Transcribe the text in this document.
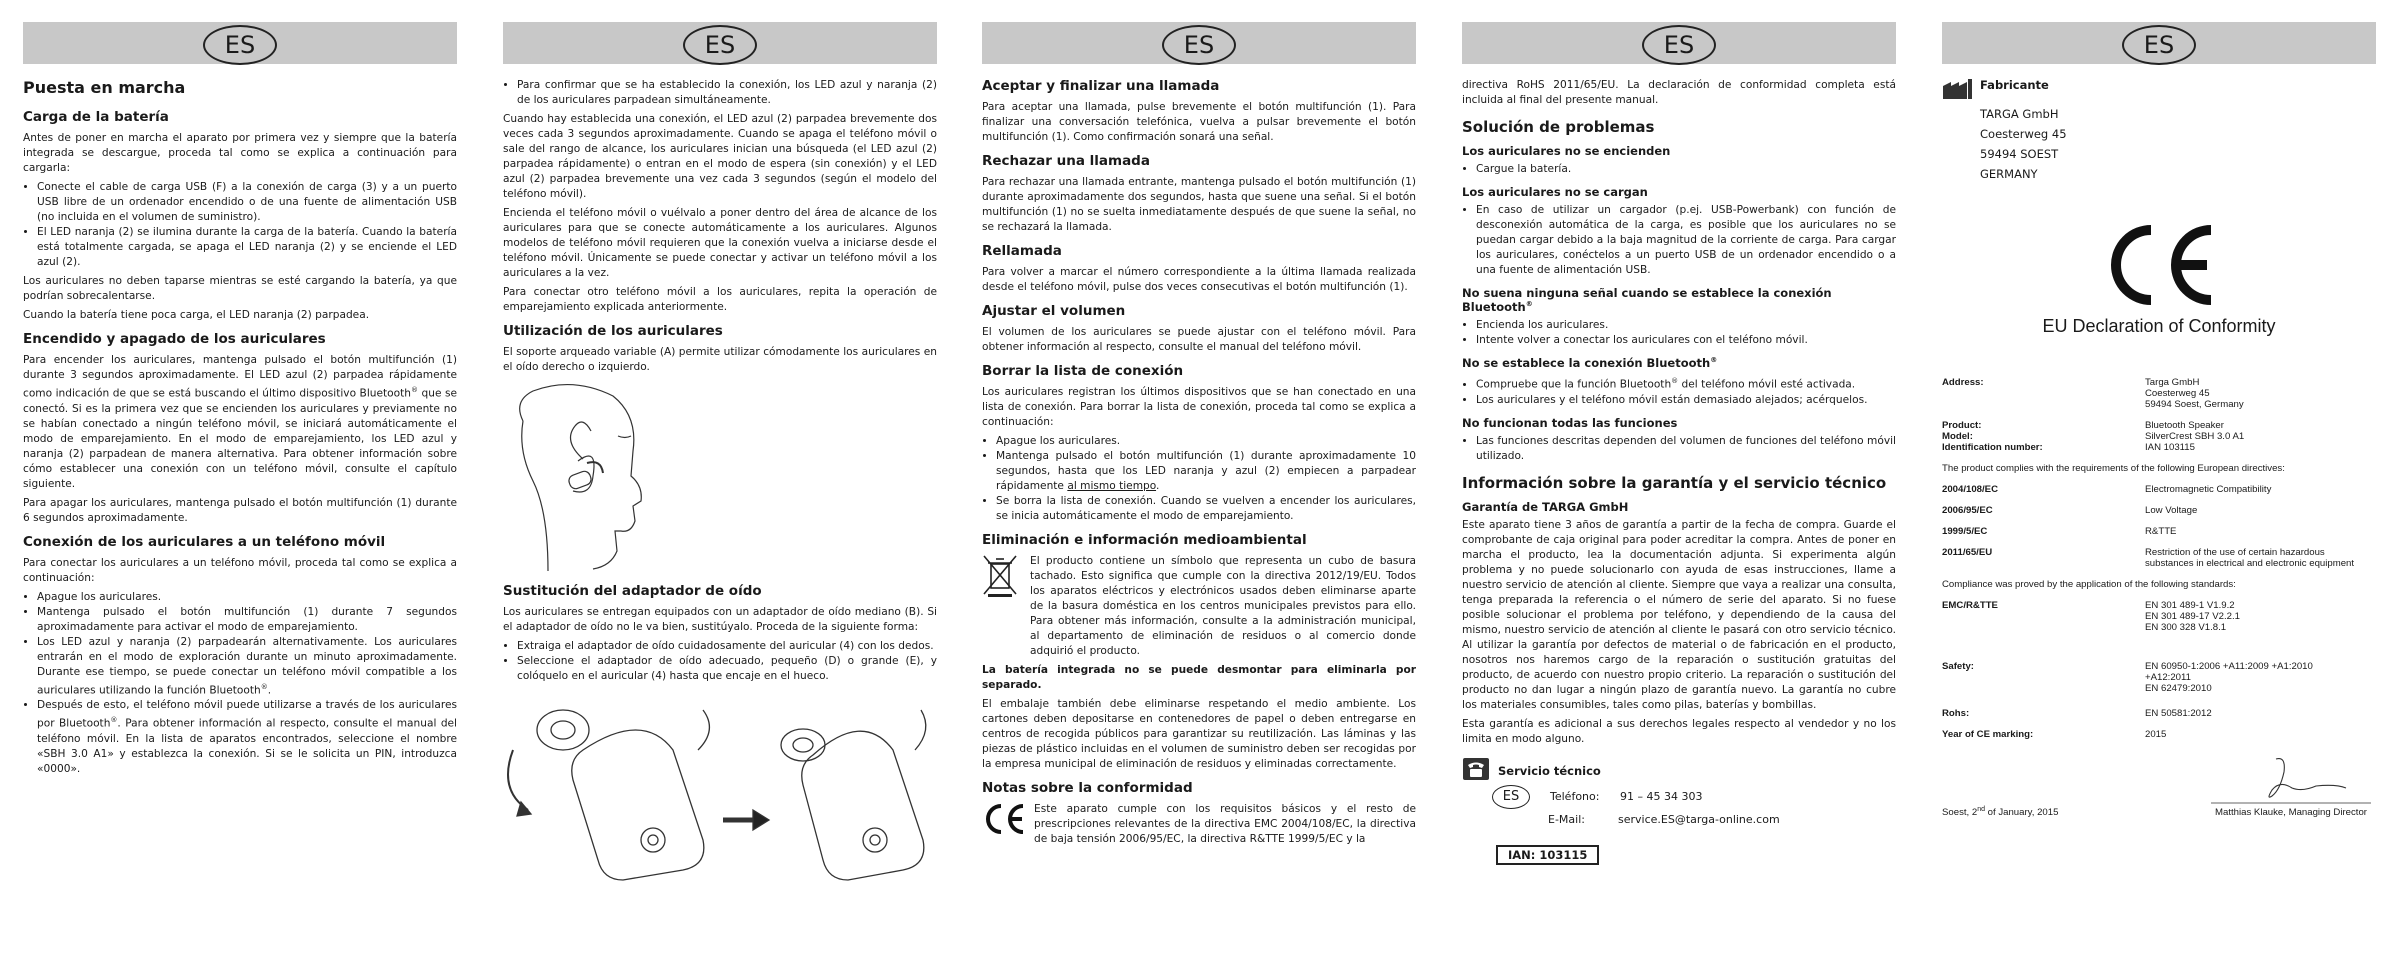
ES
Puesta en marcha
Carga de la batería

Antes de poner en marcha el aparato por primera vez y siempre que la batería integrada se descargue, proceda tal como se explica a continuación para cargarla:

• Conecte el cable de carga USB (F) a la conexión de carga (3) y a un puerto USB libre de un ordenador encendido o de una fuente de alimentación USB (no incluida en el volumen de suministro).
• El LED naranja (2) se ilumina durante la carga de la batería. Cuando la batería está totalmente cargada, se apaga el LED naranja (2) y se enciende el LED azul (2).

Los auriculares no deben taparse mientras se esté cargando la batería, ya que podrían sobrecalentarse.

Cuando la batería tiene poca carga, el LED naranja (2) parpadea.

Encendido y apagado de los auriculares

Para encender los auriculares, mantenga pulsado el botón multifunción (1) durante 3 segundos aproximadamente. El LED azul (2) parpadea rápidamente como indicación de que se está buscando el último dispositivo Bluetooth® que se conectó. Si es la primera vez que se encienden los auriculares y previamente no se habían conectado a ningún teléfono móvil, se iniciará automáticamente el modo de emparejamiento. En el modo de emparejamiento, los LED azul y naranja (2) parpadean de manera alternativa. Para obtener información sobre cómo establecer una conexión con un teléfono móvil, consulte el capítulo siguiente.

Para apagar los auriculares, mantenga pulsado el botón multifunción (1) durante 6 segundos aproximadamente.

Conexión de los auriculares a un teléfono móvil

Para conectar los auriculares a un teléfono móvil, proceda tal como se explica a continuación:

• Apague los auriculares.
• Mantenga pulsado el botón multifunción (1) durante 7 segundos aproximadamente para activar el modo de emparejamiento.
• Los LED azul y naranja (2) parpadearán alternativamente. Los auriculares entrarán en el modo de exploración durante un minuto aproximadamente. Durante ese tiempo, se puede conectar un teléfono móvil compatible a los auriculares utilizando la función Bluetooth®.
• Después de esto, el teléfono móvil puede utilizarse a través de los auriculares por Bluetooth®. Para obtener información al respecto, consulte el manual del teléfono móvil. En la lista de aparatos encontrados, seleccione el nombre «SBH 3.0 A1» y establezca la conexión. Si se le solicita un PIN, introduzca «0000».
ES
• Para confirmar que se ha establecido la conexión, los LED azul y naranja (2) de los auriculares parpadean simultáneamente.

Cuando hay establecida una conexión, el LED azul (2) parpadea brevemente dos veces cada 3 segundos aproximadamente. Cuando se apaga el teléfono móvil o sale del rango de alcance, los auriculares inician una búsqueda (el LED azul (2) parpadea rápidamente) o entran en el modo de espera (sin conexión) y el LED azul (2) parpadea brevemente una vez cada 3 segundos (según el modelo del teléfono móvil).

Encienda el teléfono móvil o vuélvalo a poner dentro del área de alcance de los auriculares para que se conecte automáticamente a los auriculares. Algunos modelos de teléfono móvil requieren que la conexión vuelva a iniciarse desde el teléfono móvil. Únicamente se puede conectar y activar un teléfono móvil a los auriculares a la vez.

Para conectar otro teléfono móvil a los auriculares, repita la operación de emparejamiento explicada anteriormente.

Utilización de los auriculares

El soporte arqueado variable (A) permite utilizar cómodamente los auriculares en el oído derecho o izquierdo.

Sustitución del adaptador de oído

Los auriculares se entregan equipados con un adaptador de oído mediano (B). Si el adaptador de oído no le va bien, sustitúyalo. Proceda de la siguiente forma:

• Extraiga el adaptador de oído cuidadosamente del auricular (4) con los dedos.
• Seleccione el adaptador de oído adecuado, pequeño (D) o grande (E), y colóquelo en el auricular (4) hasta que encaje en el hueco.
ES
Aceptar y finalizar una llamada

Para aceptar una llamada, pulse brevemente el botón multifunción (1). Para finalizar una conversación telefónica, vuelva a pulsar brevemente el botón multifunción (1). Como confirmación sonará una señal.

Rechazar una llamada

Para rechazar una llamada entrante, mantenga pulsado el botón multifunción (1) durante aproximadamente dos segundos, hasta que suene una señal. Si el botón multifunción (1) no se suelta inmediatamente después de que suene la señal, no se rechazará la llamada.

Rellamada

Para volver a marcar el número correspondiente a la última llamada realizada desde el teléfono móvil, pulse dos veces consecutivas el botón multifunción (1).

Ajustar el volumen

El volumen de los auriculares se puede ajustar con el teléfono móvil. Para obtener información al respecto, consulte el manual del teléfono móvil.

Borrar la lista de conexión

Los auriculares registran los últimos dispositivos que se han conectado en una lista de conexión. Para borrar la lista de conexión, proceda tal como se explica a continuación:

• Apague los auriculares.
• Mantenga pulsado el botón multifunción (1) durante aproximadamente 10 segundos, hasta que los LED naranja y azul (2) empiecen a parpadear rápidamente al mismo tiempo.
• Se borra la lista de conexión. Cuando se vuelven a encender los auriculares, se inicia automáticamente el modo de emparejamiento.
Eliminación e información medioambiental

El producto contiene un símbolo que representa un cubo de basura tachado. Esto significa que cumple con la directiva 2012/19/EU. Todos los aparatos eléctricos y electrónicos usados deben eliminarse aparte de la basura doméstica en los centros municipales previstos para ello. Para obtener más información, consulte a la administración municipal, al departamento de eliminación de residuos o al comercio donde adquirió el producto.

La batería integrada no se puede desmontar para eliminarla por separado.

El embalaje también debe eliminarse respetando el medio ambiente. Los cartones deben depositarse en contenedores de papel o deben entregarse en centros de recogida públicos para garantizar su reutilización. Las láminas y las piezas de plástico incluidas en el volumen de suministro deben ser recogidas por la empresa municipal de eliminación de residuos y eliminadas correctamente.

Notas sobre la conformidad

Este aparato cumple con los requisitos básicos y el resto de prescripciones relevantes de la directiva EMC 2004/108/EC, la directiva de baja tensión 2006/95/EC, la directiva R&TTE 1999/5/EC y la

ES

directiva RoHS 2011/65/EU. La declaración de conformidad completa está incluida al final del presente manual.

Solución de problemas
Los auriculares no se encienden
• Cargue la batería.
Los auriculares no se cargan
• En caso de utilizar un cargador (p.ej. USB-Powerbank) con función de desconexión automática de la carga, es posible que los auriculares no se puedan cargar debido a la baja magnitud de la corriente de carga. Para cargar los auriculares, conéctelos a un puerto USB de un ordenador encendido o a una fuente de alimentación USB.
No suena ninguna señal cuando se establece la conexión Bluetooth®
• Encienda los auriculares.
• Intente volver a conectar los auriculares con el teléfono móvil.
No se establece la conexión Bluetooth®
• Compruebe que la función Bluetooth® del teléfono móvil esté activada.
• Los auriculares y el teléfono móvil están demasiado alejados; acérquelos.
No funcionan todas las funciones
• Las funciones descritas dependen del volumen de funciones del teléfono móvil utilizado.
Información sobre la garantía y el servicio técnico
Garantía de TARGA GmbH

Este aparato tiene 3 años de garantía a partir de la fecha de compra. Guarde el comprobante de caja original para poder acreditar la compra. Antes de poner en marcha el producto, lea la documentación adjunta. Si experimenta algún problema y no puede solucionarlo con ayuda de esas instrucciones, llame a nuestro servicio de atención al cliente. Siempre que vaya a realizar una consulta, tenga preparada la referencia o el número de serie del aparato. Si no fuese posible solucionar el problema por teléfono, y dependiendo de la causa del mismo, nuestro servicio de atención al cliente le pasará con otro servicio técnico. Al utilizar la garantía por defectos de material o de fabricación en el producto, nosotros nos haremos cargo de la reparación o sustitución gratuitas del producto, de acuerdo con nuestro propio criterio. La reparación o sustitución del producto no dan lugar a ningún plazo de garantía nuevo. La garantía no cubre los materiales consumibles, tales como pilas, baterías y bombillas.

Esta garantía es adicional a sus derechos legales respecto al vendedor y no los limita en modo alguno.

Servicio técnico
ES	Teléfono:	91 – 45 34 303
E-Mail:	service.ES@targa-online.com
IAN: 103115
ES
Fabricante
TARGA GmbH
Coesterweg 45
59494 SOEST
GERMANY
EU Declaration of Conformity
Address:	Targa GmbH
Coesterweg 45
59494 Soest, Germany

Product:	Bluetooth Speaker
Model:	SilverCrest SBH 3.0 A1
Identification number:	IAN 103115
The product complies with the requirements of the following European directives:
2004/108/EC	Electromagnetic Compatibility

2006/95/EC	Low Voltage

1999/5/EC	R&TTE

2011/65/EU	Restriction of the use of certain hazardous
substances in electrical and electronic equipment
Compliance was proved by the application of the following standards:
EMC/R&TTE	EN 301 489-1 V1.9.2
EN 301 489-17 V2.2.1
EN 300 328 V1.8.1

Safety:	EN 60950-1:2006 +A11:2009 +A1:2010
+A12:2011
EN 62479:2010

Rohs:	EN 50581:2012

Year of CE marking:	2015
Soest, 2nd of January, 2015	Matthias Klauke, Managing Director
